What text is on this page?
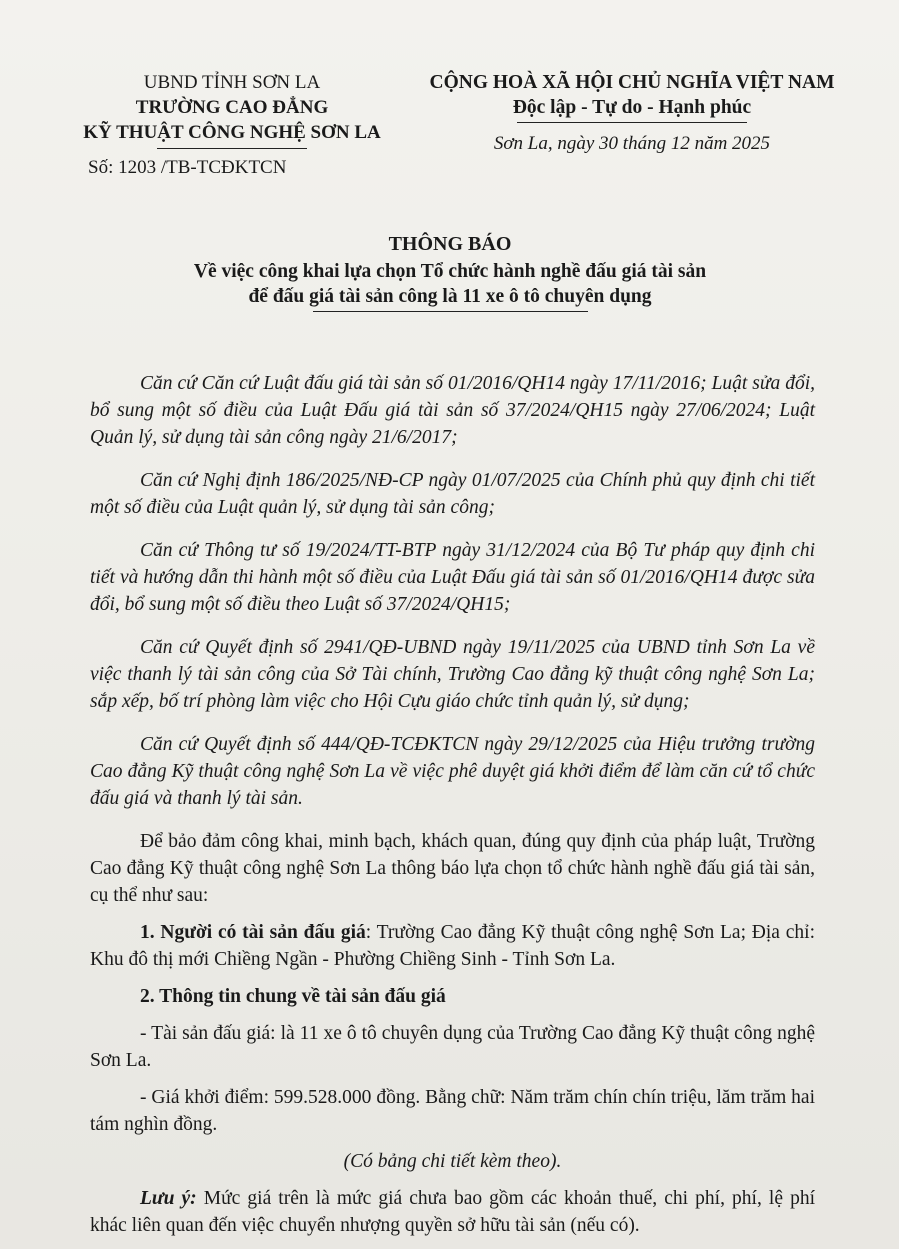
UBND TỈNH SƠN LA
TRƯỜNG CAO ĐẲNG
KỸ THUẬT CÔNG NGHỆ SƠN LA
Số: 1203 /TB-TCĐKTCN
CỘNG HOÀ XÃ HỘI CHỦ NGHĨA VIỆT NAM
Độc lập - Tự do - Hạnh phúc
Sơn La, ngày 30 tháng 12 năm 2025
THÔNG BÁO
Về việc công khai lựa chọn Tổ chức hành nghề đấu giá tài sản
để đấu giá tài sản công là 11 xe ô tô chuyên dụng

Căn cứ Căn cứ Luật đấu giá tài sản số 01/2016/QH14 ngày 17/11/2016; Luật sửa đổi, bổ sung một số điều của Luật Đấu giá tài sản số 37/2024/QH15 ngày 27/06/2024; Luật Quản lý, sử dụng tài sản công ngày 21/6/2017;

Căn cứ Nghị định 186/2025/NĐ-CP ngày 01/07/2025 của Chính phủ quy định chi tiết một số điều của Luật quản lý, sử dụng tài sản công;

Căn cứ Thông tư số 19/2024/TT-BTP ngày 31/12/2024 của Bộ Tư pháp quy định chi tiết và hướng dẫn thi hành một số điều của Luật Đấu giá tài sản số 01/2016/QH14 được sửa đổi, bổ sung một số điều theo Luật số 37/2024/QH15;

Căn cứ Quyết định số 2941/QĐ-UBND ngày 19/11/2025 của UBND tỉnh Sơn La về việc thanh lý tài sản công của Sở Tài chính, Trường Cao đẳng kỹ thuật công nghệ Sơn La; sắp xếp, bố trí phòng làm việc cho Hội Cựu giáo chức tỉnh quản lý, sử dụng;

Căn cứ Quyết định số 444/QĐ-TCĐKTCN ngày 29/12/2025 của Hiệu trưởng trường Cao đẳng Kỹ thuật công nghệ Sơn La về việc phê duyệt giá khởi điểm để làm căn cứ tổ chức đấu giá và thanh lý tài sản.

Để bảo đảm công khai, minh bạch, khách quan, đúng quy định của pháp luật, Trường Cao đẳng Kỹ thuật công nghệ Sơn La thông báo lựa chọn tổ chức hành nghề đấu giá tài sản, cụ thể như sau:

1. Người có tài sản đấu giá: Trường Cao đẳng Kỹ thuật công nghệ Sơn La; Địa chỉ: Khu đô thị mới Chiềng Ngần - Phường Chiềng Sinh - Tỉnh Sơn La.

2. Thông tin chung về tài sản đấu giá

- Tài sản đấu giá: là 11 xe ô tô chuyên dụng của Trường Cao đẳng Kỹ thuật công nghệ Sơn La.

- Giá khởi điểm: 599.528.000 đồng. Bằng chữ: Năm trăm chín chín triệu, lăm trăm hai tám nghìn đồng.

(Có bảng chi tiết kèm theo).

Lưu ý: Mức giá trên là mức giá chưa bao gồm các khoản thuế, chi phí, phí, lệ phí khác liên quan đến việc chuyển nhượng quyền sở hữu tài sản (nếu có).
